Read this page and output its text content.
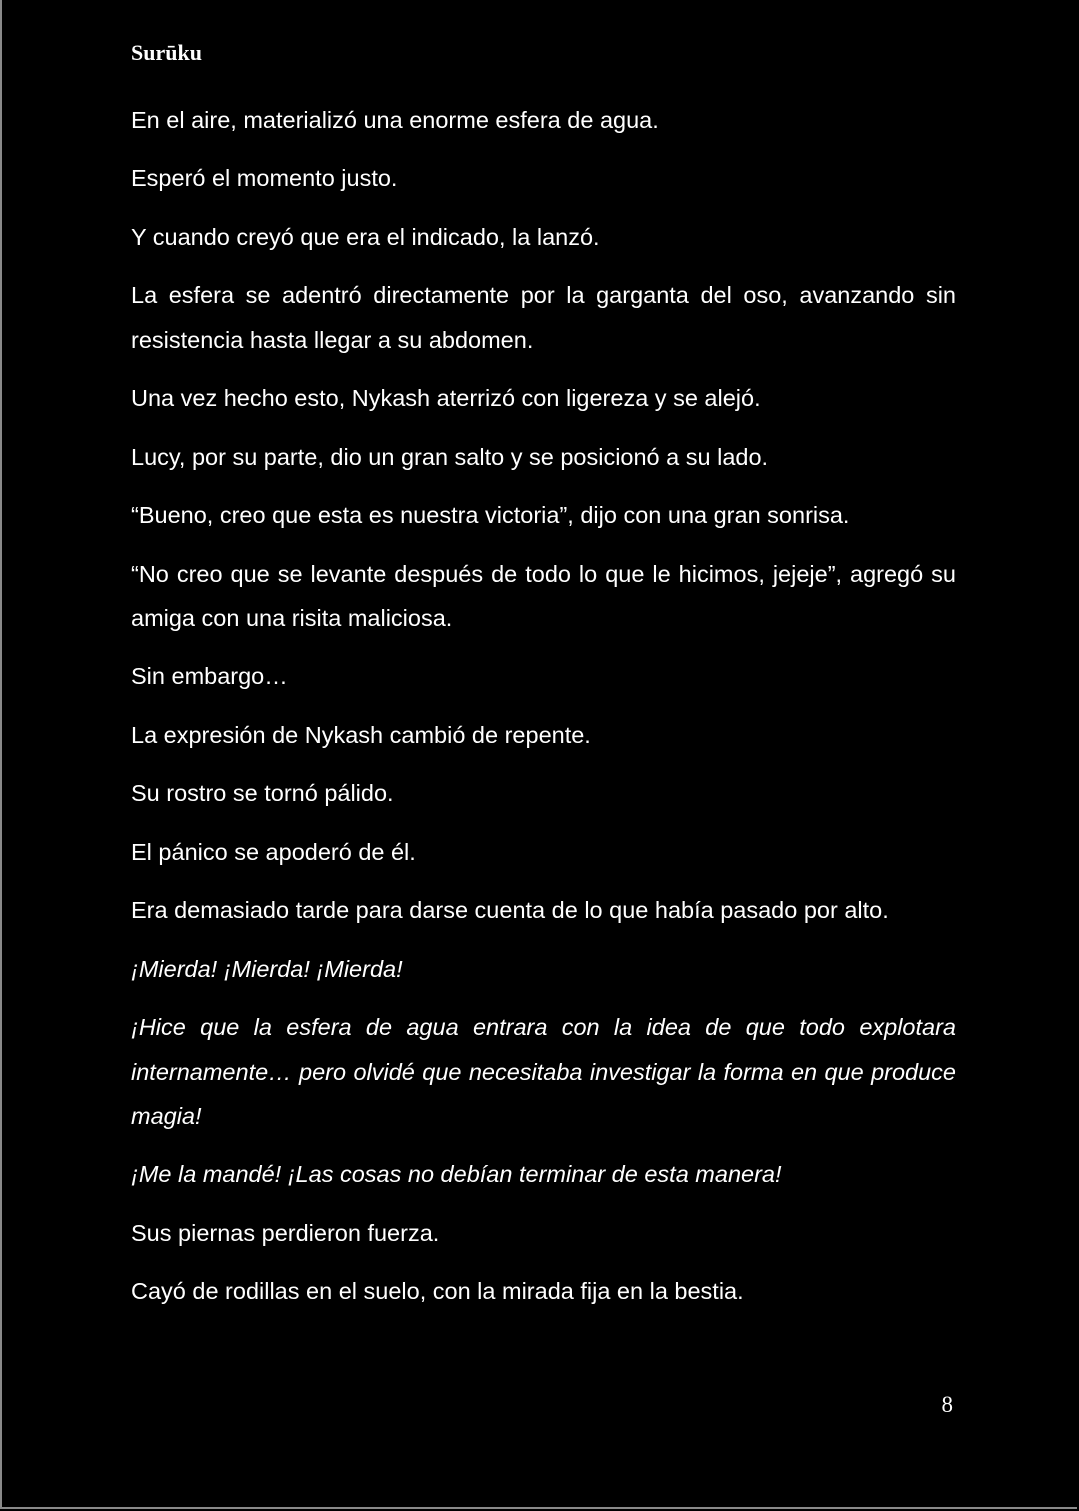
Surūku

En el aire, materializó una enorme esfera de agua.

Esperó el momento justo.

Y cuando creyó que era el indicado, la lanzó.

La esfera se adentró directamente por la garganta del oso, avanzando sin resistencia hasta llegar a su abdomen.

Una vez hecho esto, Nykash aterrizó con ligereza y se alejó.

Lucy, por su parte, dio un gran salto y se posicionó a su lado.

“Bueno, creo que esta es nuestra victoria”, dijo con una gran sonrisa.

“No creo que se levante después de todo lo que le hicimos, jejeje”, agregó su amiga con una risita maliciosa.

Sin embargo…

La expresión de Nykash cambió de repente.

Su rostro se tornó pálido.

El pánico se apoderó de él.

Era demasiado tarde para darse cuenta de lo que había pasado por alto.

¡Mierda! ¡Mierda! ¡Mierda!

¡Hice que la esfera de agua entrara con la idea de que todo explotara internamente… pero olvidé que necesitaba investigar la forma en que produce magia!

¡Me la mandé! ¡Las cosas no debían terminar de esta manera!

Sus piernas perdieron fuerza.

Cayó de rodillas en el suelo, con la mirada fija en la bestia.

8
